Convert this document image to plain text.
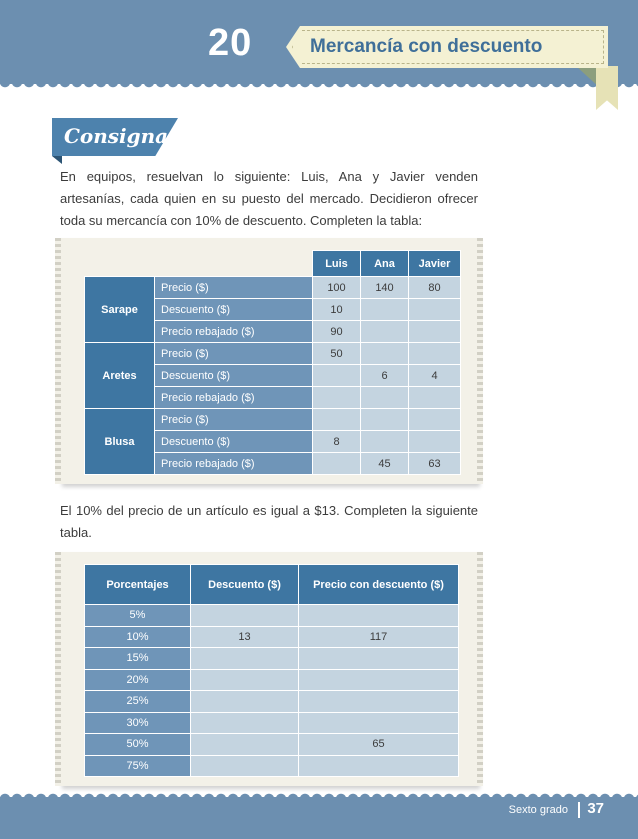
20	Mercancía con descuento
Consigna 1

En equipos, resuelvan lo siguiente: Luis, Ana y Javier venden artesanías, cada quien en su puesto del mercado. Decidieron ofrecer toda su mercancía con 10% de descuento. Completen la tabla:

		Luis	Ana	Javier
Sarape	Precio ($)	100	140	80
	Descuento ($)	10		
	Precio rebajado ($)	90		
Aretes	Precio ($)	50		
	Descuento ($)		6	4
	Precio rebajado ($)			
Blusa	Precio ($)			
	Descuento ($)	8		
	Precio rebajado ($)		45	63

El 10% del precio de un artículo es igual a $13. Completen la siguiente tabla.

Porcentajes	Descuento ($)	Precio con descuento ($)
5%		
10%	13	117
15%		
20%		
25%		
30%		
50%		65
75%		
Sexto grado 37
